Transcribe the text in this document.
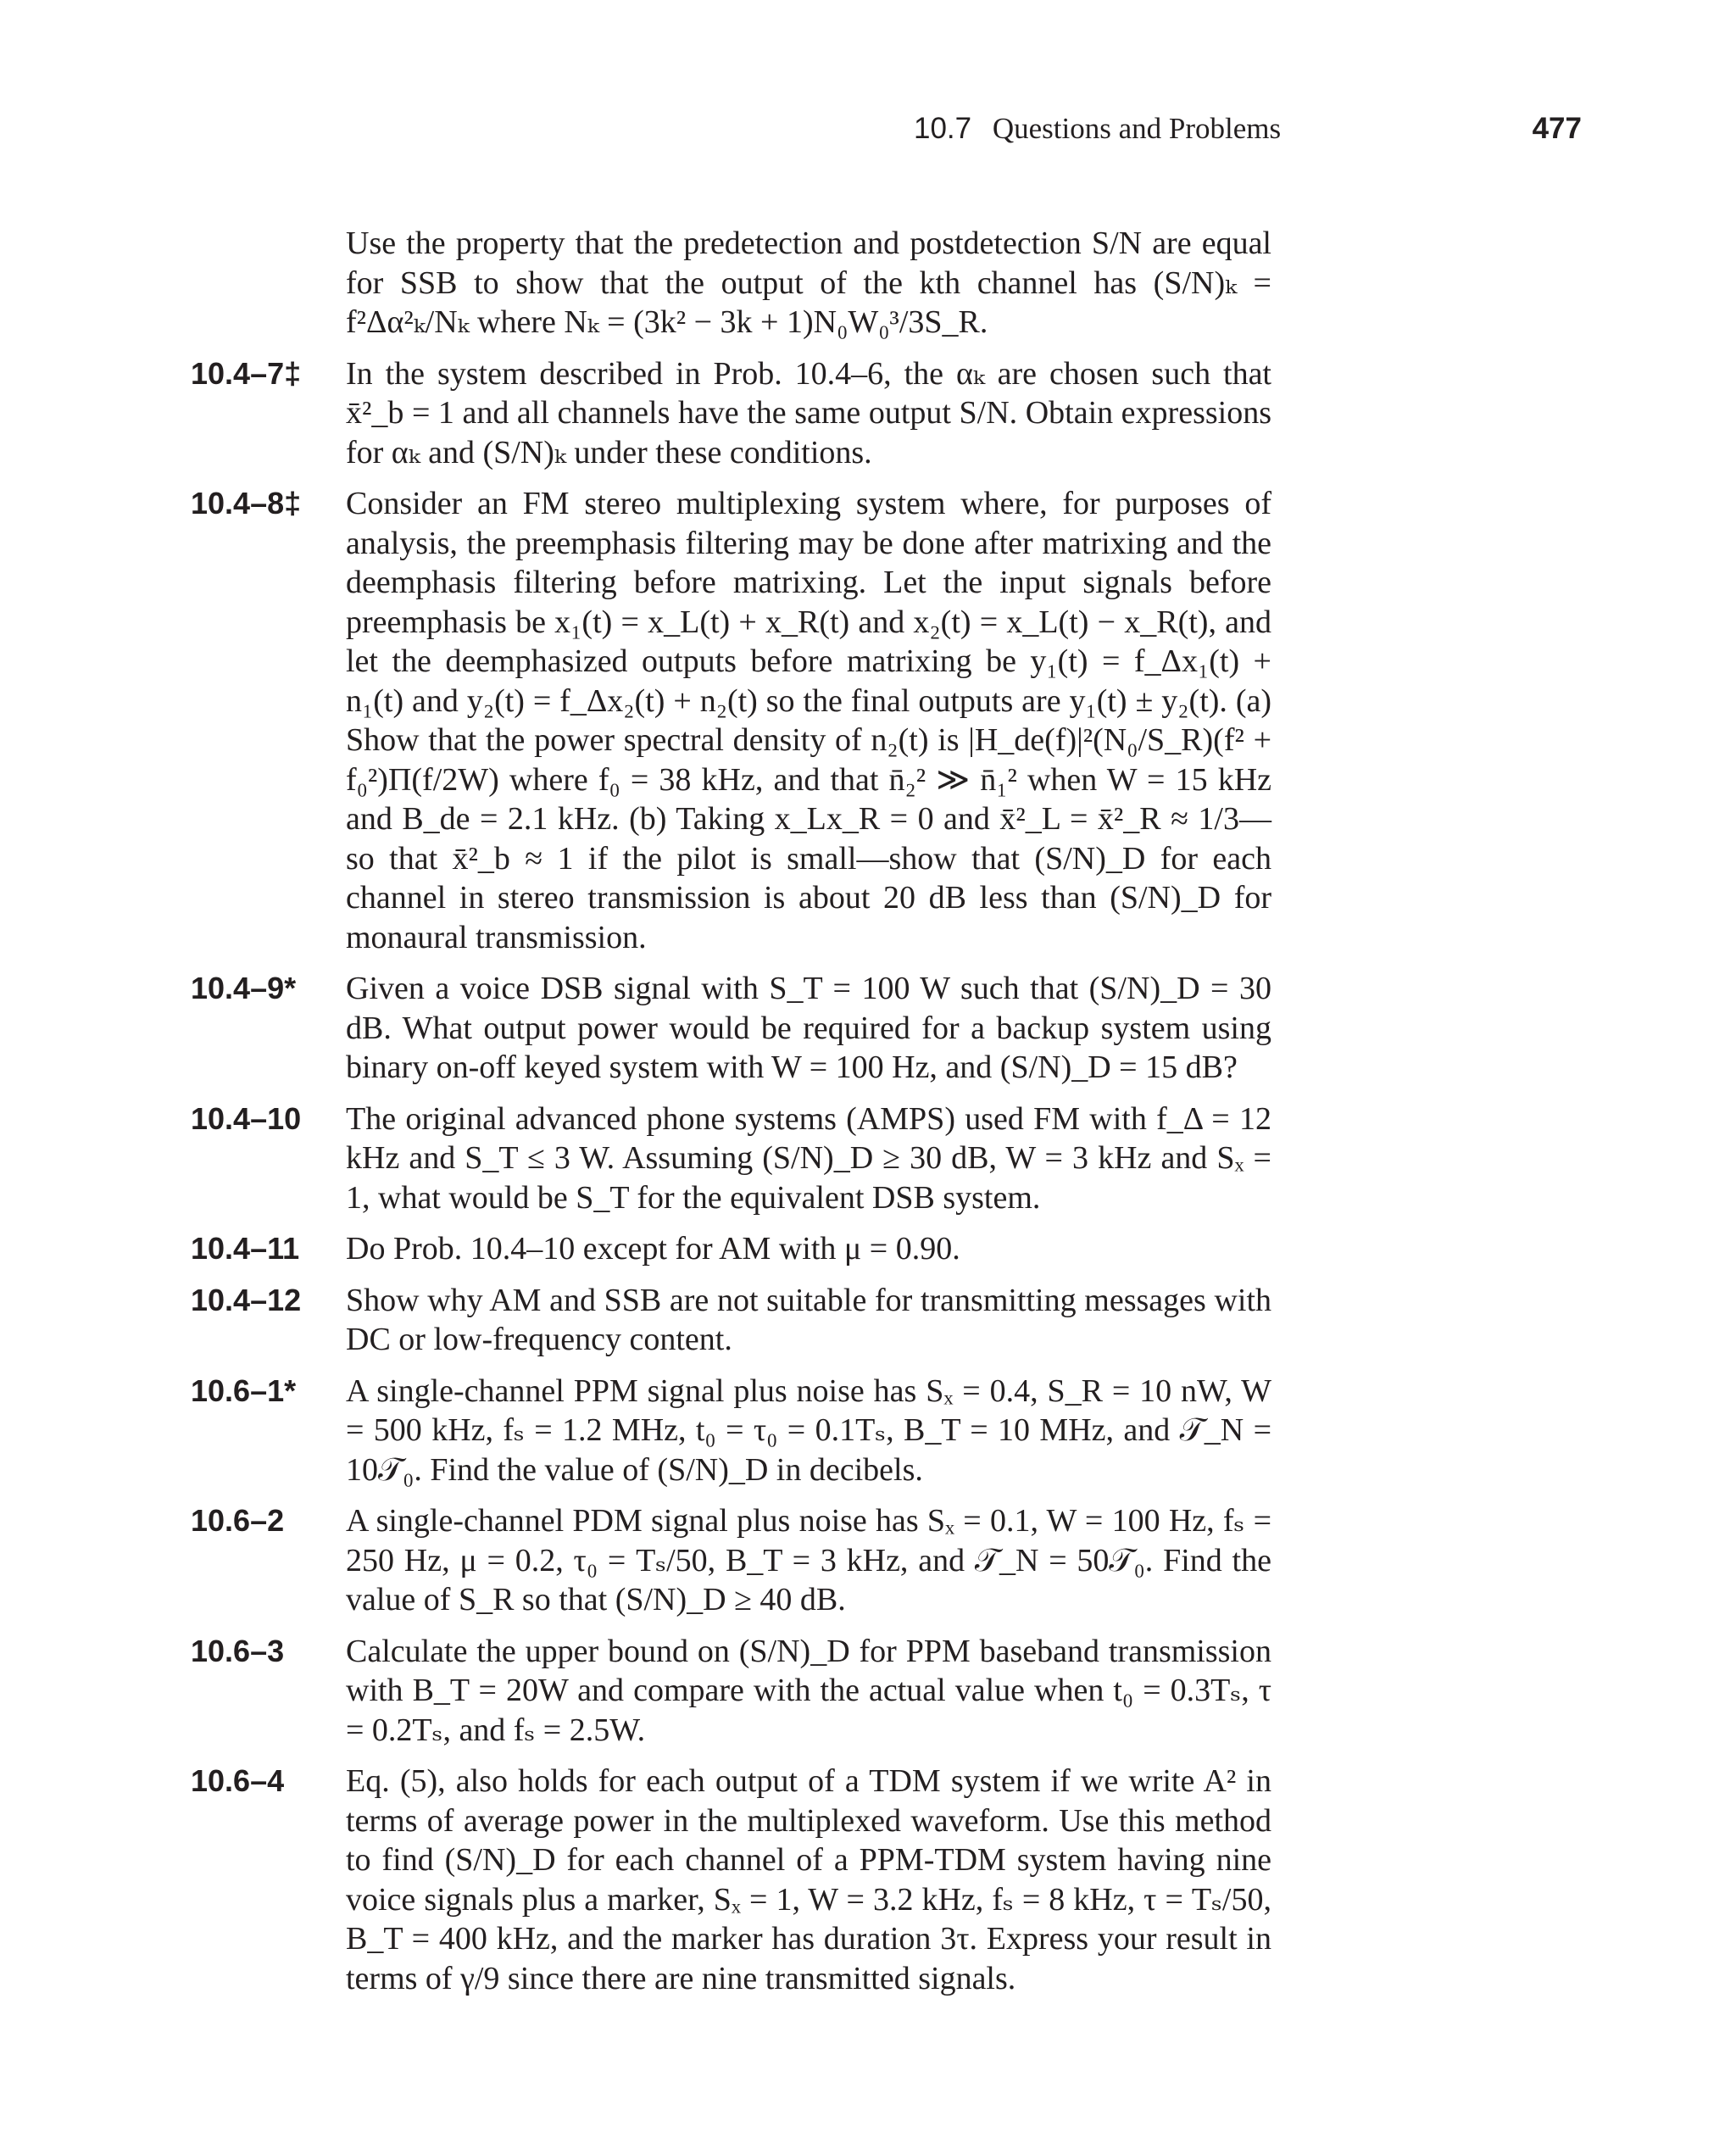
10.7 Questions and Problems	477
Use the property that the predetection and postdetection S/N are equal for SSB to show that the output of the kth channel has (S/N)ₖ = f²Δα²ₖ/Nₖ where Nₖ = (3k² − 3k + 1)N₀W₀³/3S_R.
10.4–7‡ In the system described in Prob. 10.4–6, the αₖ are chosen such that x̄²_b = 1 and all channels have the same output S/N. Obtain expressions for αₖ and (S/N)ₖ under these conditions.
10.4–8‡ Consider an FM stereo multiplexing system where, for purposes of analysis, the preemphasis filtering may be done after matrixing and the deemphasis filtering before matrixing. Let the input signals before preemphasis be x₁(t) = x_L(t) + x_R(t) and x₂(t) = x_L(t) − x_R(t), and let the deemphasized outputs before matrixing be y₁(t) = f_Δx₁(t) + n₁(t) and y₂(t) = f_Δx₂(t) + n₂(t) so the final outputs are y₁(t) ± y₂(t). (a) Show that the power spectral density of n₂(t) is |H_de(f)|²(N₀/S_R)(f² + f₀²)Π(f/2W) where f₀ = 38 kHz, and that n̄₂² ≫ n̄₁² when W = 15 kHz and B_de = 2.1 kHz. (b) Taking x_Lx_R = 0 and x̄²_L = x̄²_R ≈ 1/3—so that x̄²_b ≈ 1 if the pilot is small—show that (S/N)_D for each channel in stereo transmission is about 20 dB less than (S/N)_D for monaural transmission.
10.4–9* Given a voice DSB signal with S_T = 100 W such that (S/N)_D = 30 dB. What output power would be required for a backup system using binary on-off keyed system with W = 100 Hz, and (S/N)_D = 15 dB?
10.4–10 The original advanced phone systems (AMPS) used FM with f_Δ = 12 kHz and S_T ≤ 3 W. Assuming (S/N)_D ≥ 30 dB, W = 3 kHz and Sₓ = 1, what would be S_T for the equivalent DSB system.
10.4–11 Do Prob. 10.4–10 except for AM with μ = 0.90.
10.4–12 Show why AM and SSB are not suitable for transmitting messages with DC or low-frequency content.
10.6–1* A single-channel PPM signal plus noise has Sₓ = 0.4, S_R = 10 nW, W = 500 kHz, fₛ = 1.2 MHz, t₀ = τ₀ = 0.1Tₛ, B_T = 10 MHz, and 𝒯_N = 10𝒯₀. Find the value of (S/N)_D in decibels.
10.6–2 A single-channel PDM signal plus noise has Sₓ = 0.1, W = 100 Hz, fₛ = 250 Hz, μ = 0.2, τ₀ = Tₛ/50, B_T = 3 kHz, and 𝒯_N = 50𝒯₀. Find the value of S_R so that (S/N)_D ≥ 40 dB.
10.6–3 Calculate the upper bound on (S/N)_D for PPM baseband transmission with B_T = 20W and compare with the actual value when t₀ = 0.3Tₛ, τ = 0.2Tₛ, and fₛ = 2.5W.
10.6–4 Eq. (5), also holds for each output of a TDM system if we write A² in terms of average power in the multiplexed waveform. Use this method to find (S/N)_D for each channel of a PPM-TDM system having nine voice signals plus a marker, Sₓ = 1, W = 3.2 kHz, fₛ = 8 kHz, τ = Tₛ/50, B_T = 400 kHz, and the marker has duration 3τ. Express your result in terms of γ/9 since there are nine transmitted signals.
